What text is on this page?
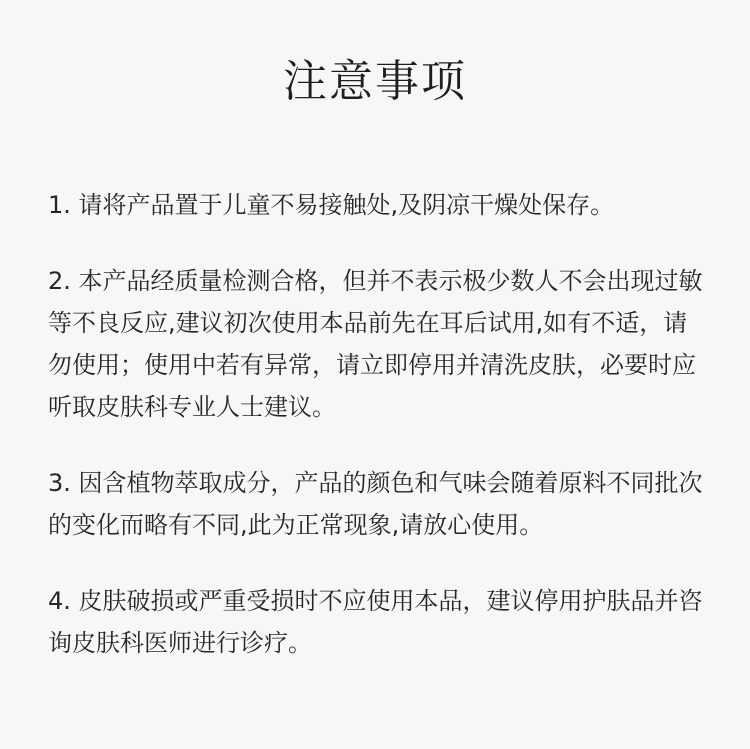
注意事项

1. 请将产品置于儿童不易接触处,及阴凉干燥处保存。

2. 本产品经质量检测合格，但并不表示极少数人不会出现过敏等不良反应,建议初次使用本品前先在耳后试用,如有不适，请勿使用；使用中若有异常，请立即停用并清洗皮肤，必要时应听取皮肤科专业人士建议。

3. 因含植物萃取成分，产品的颜色和气味会随着原料不同批次的变化而略有不同,此为正常现象,请放心使用。

4. 皮肤破损或严重受损时不应使用本品，建议停用护肤品并咨询皮肤科医师进行诊疗。
